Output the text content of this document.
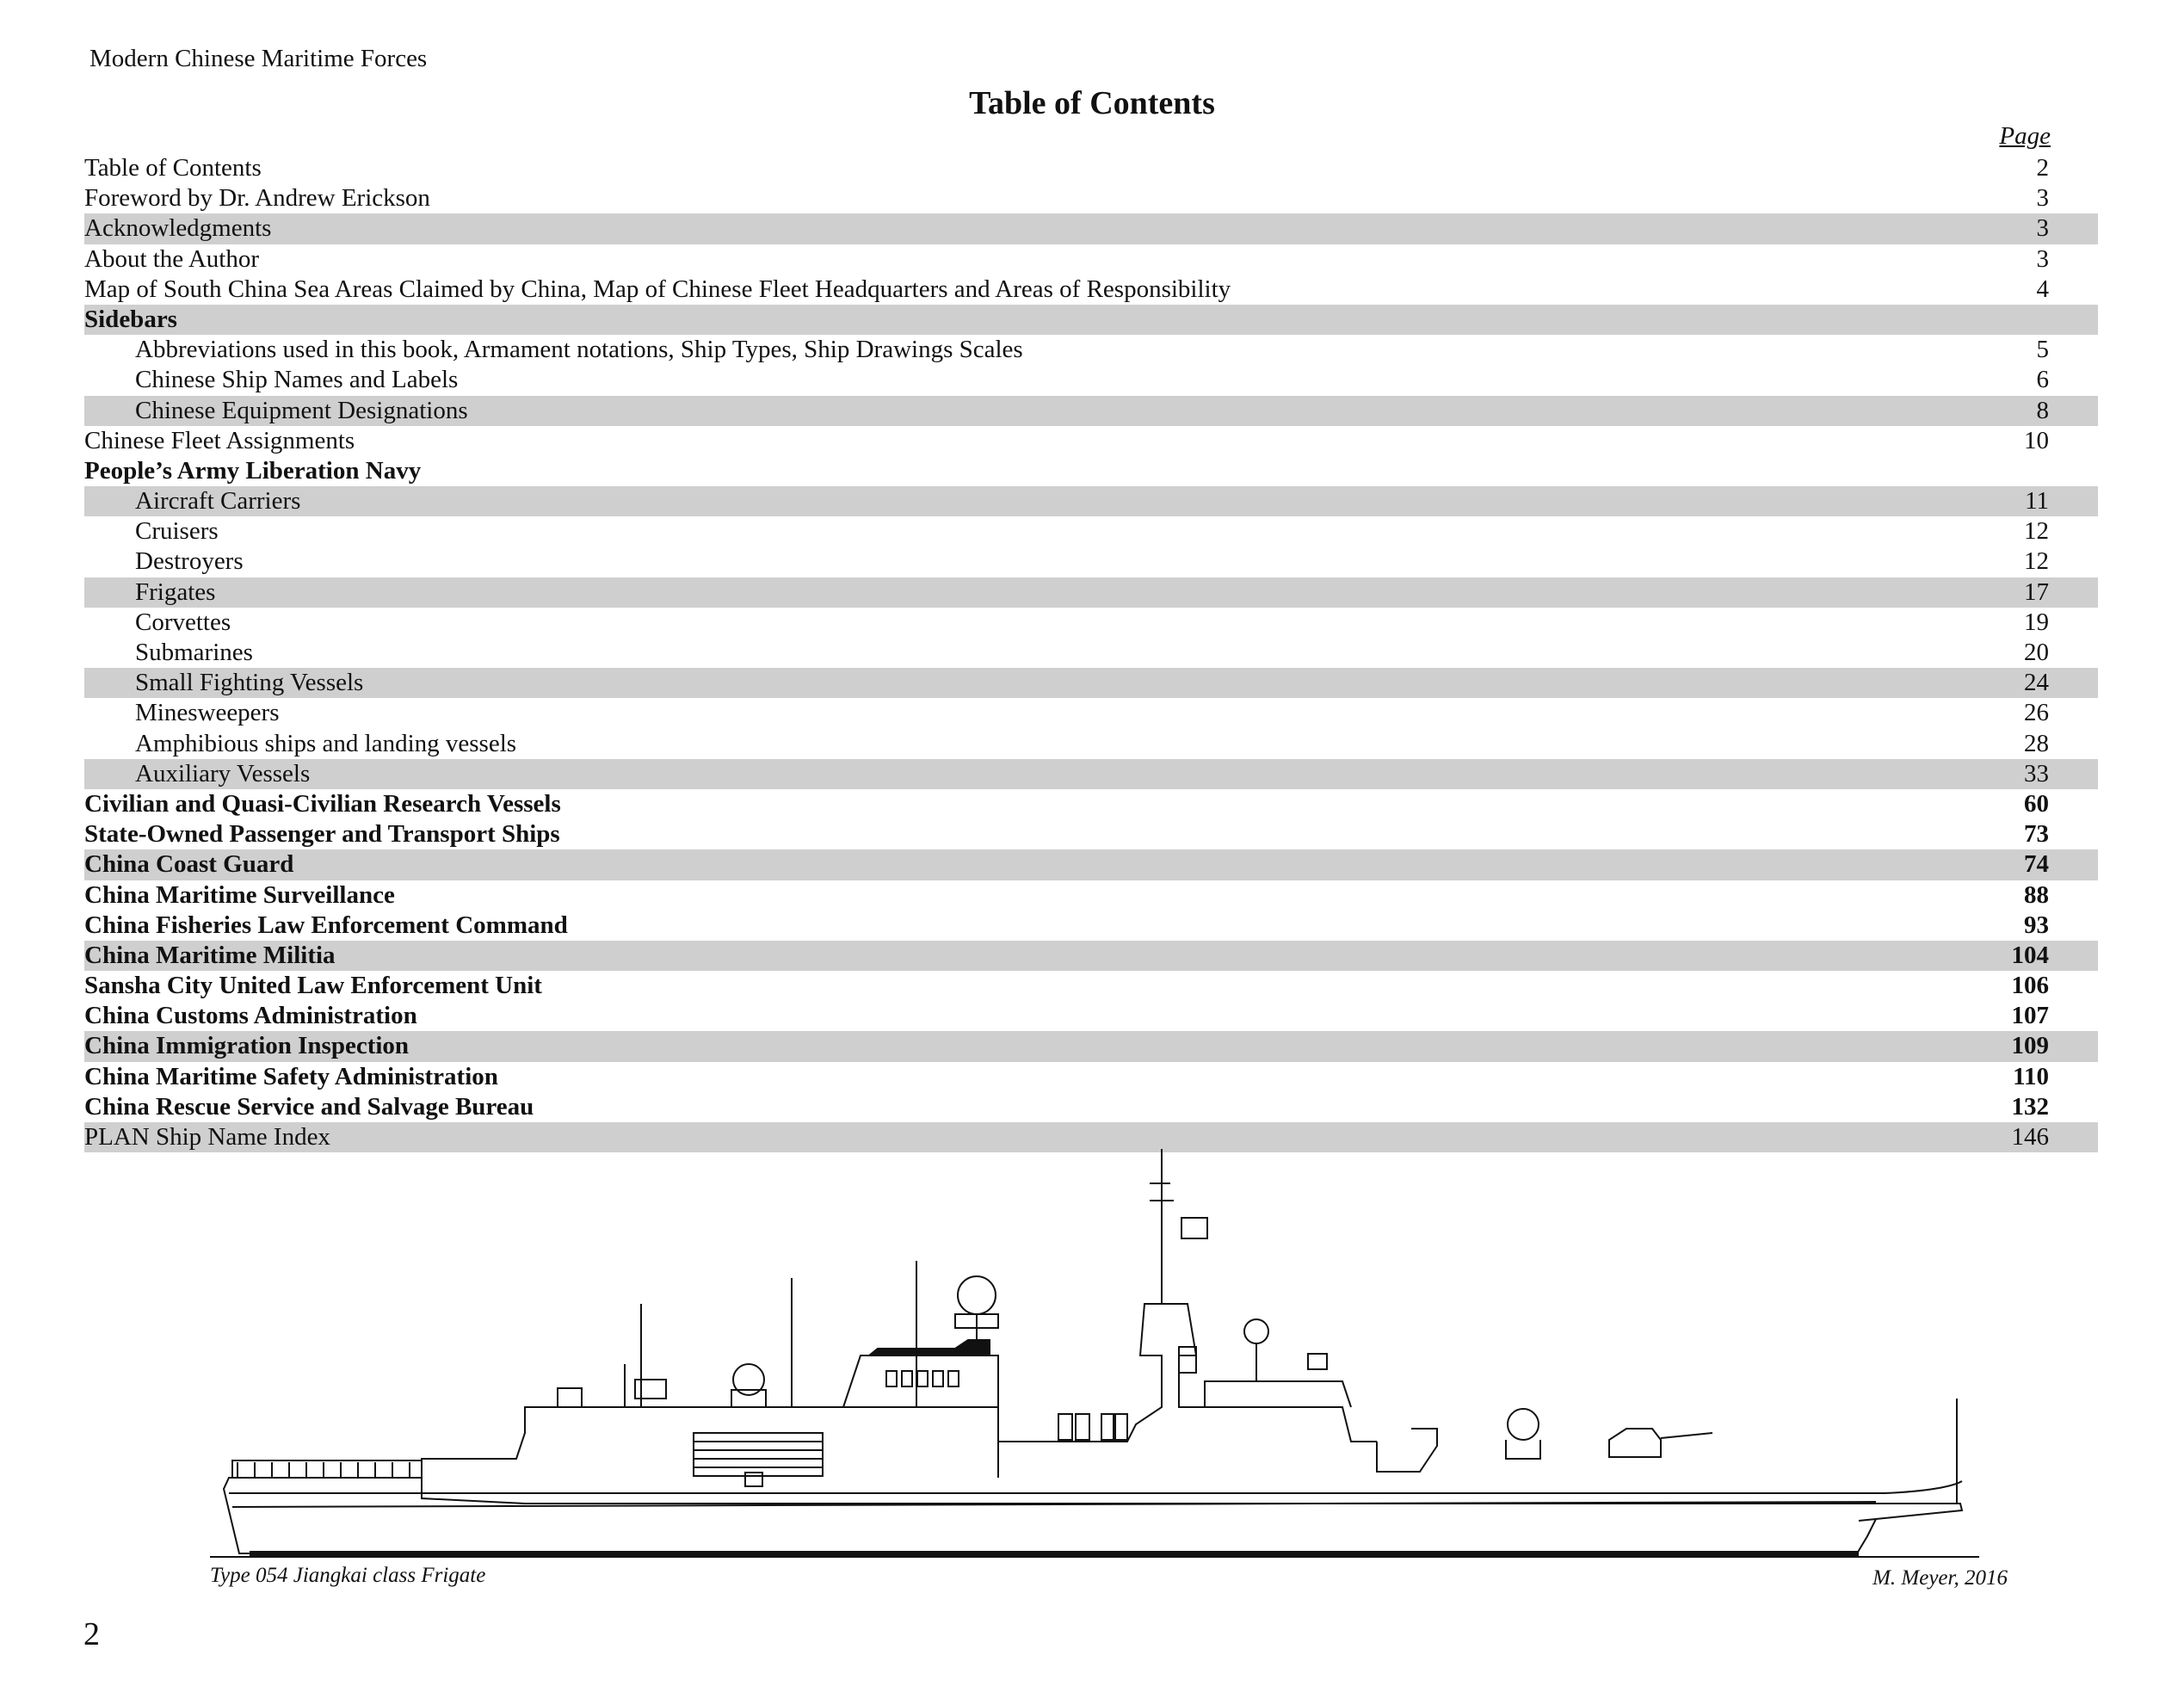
Modern Chinese Maritime Forces
Table of Contents
Page
Table of Contents	2
Foreword by Dr. Andrew Erickson	3
Acknowledgments	3
About the Author	3
Map of South China Sea Areas Claimed by China, Map of Chinese Fleet Headquarters and Areas of Responsibility	4
Sidebars
Abbreviations used in this book, Armament notations, Ship Types, Ship Drawings Scales	5
Chinese Ship Names and Labels	6
Chinese Equipment Designations	8
Chinese Fleet Assignments	10
People’s Army Liberation Navy
Aircraft Carriers	11
Cruisers	12
Destroyers	12
Frigates	17
Corvettes	19
Submarines	20
Small Fighting Vessels	24
Minesweepers	26
Amphibious ships and landing vessels	28
Auxiliary Vessels	33
Civilian and Quasi-Civilian Research Vessels	60
State-Owned Passenger and Transport Ships	73
China Coast Guard	74
China Maritime Surveillance	88
China Fisheries Law Enforcement Command	93
China Maritime Militia	104
Sansha City United Law Enforcement Unit	106
China Customs Administration	107
China Immigration Inspection	109
China Maritime Safety Administration	110
China Rescue Service and Salvage Bureau	132
PLAN Ship Name Index	146
Type 054 Jiangkai class Frigate	M. Meyer, 2016
2
